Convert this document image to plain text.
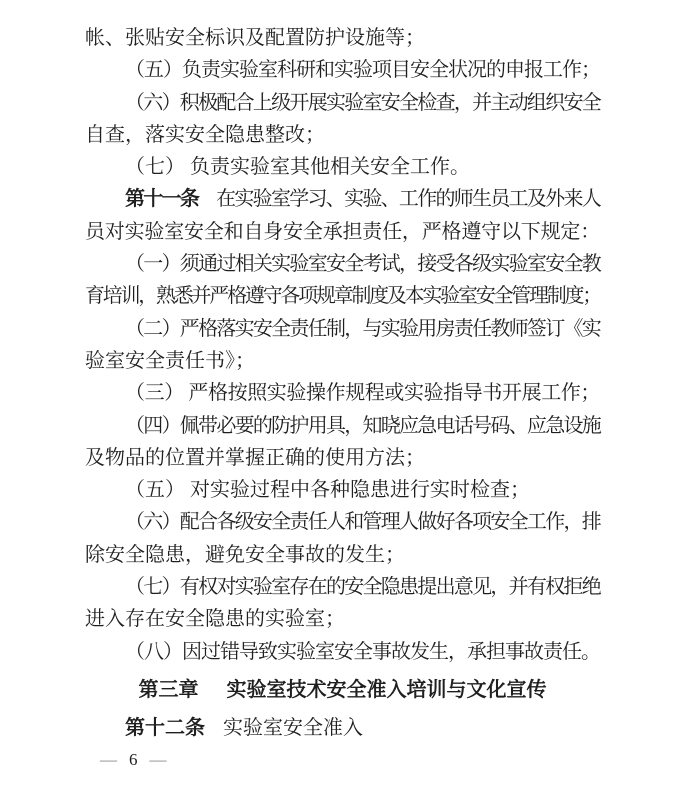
帐、张贴安全标识及配置防护设施等；
（五）负责实验室科研和实验项目安全状况的申报工作；
（六）积极配合上级开展实验室安全检查，并主动组织安全
自查，落实安全隐患整改；
（七） 负责实验室其他相关安全工作。
第十一条 在实验室学习、实验、工作的师生员工及外来人
员对实验室安全和自身安全承担责任，严格遵守以下规定：
（一）须通过相关实验室安全考试，接受各级实验室安全教
育培训，熟悉并严格遵守各项规章制度及本实验室安全管理制度；
（二）严格落实安全责任制，与实验用房责任教师签订《实
验室安全责任书》；
（三） 严格按照实验操作规程或实验指导书开展工作；
（四）佩带必要的防护用具，知晓应急电话号码、应急设施
及物品的位置并掌握正确的使用方法；
（五） 对实验过程中各种隐患进行实时检查；
（六）配合各级安全责任人和管理人做好各项安全工作，排
除安全隐患，避免安全事故的发生；
（七）有权对实验室存在的安全隐患提出意见，并有权拒绝
进入存在安全隐患的实验室；
（八）因过错导致实验室安全事故发生，承担事故责任。
第三章 实验室技术安全准入培训与文化宣传
第十二条 实验室安全准入
— 6 —
